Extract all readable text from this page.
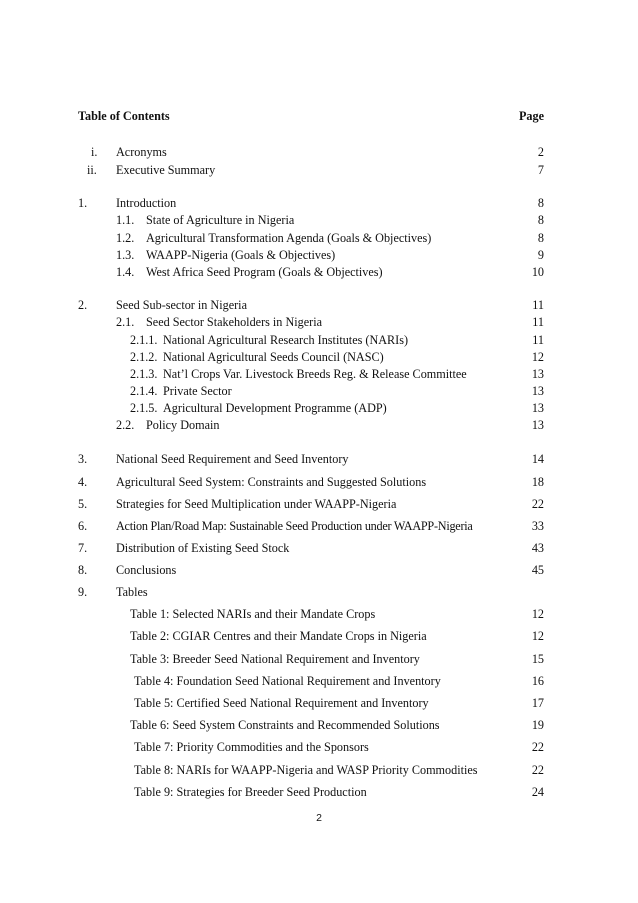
Table of Contents	Page
i. Acronyms	2
ii. Executive Summary	7
1. Introduction	8
1.1. State of Agriculture in Nigeria	8
1.2. Agricultural Transformation Agenda (Goals & Objectives)	8
1.3. WAAPP-Nigeria (Goals & Objectives)	9
1.4. West Africa Seed Program (Goals & Objectives)	10
2. Seed Sub-sector in Nigeria	11
2.1. Seed Sector Stakeholders in Nigeria	11
2.1.1. National Agricultural Research Institutes (NARIs)	11
2.1.2. National Agricultural Seeds Council (NASC)	12
2.1.3. Nat’l Crops Var. Livestock Breeds Reg. & Release Committee	13
2.1.4. Private Sector	13
2.1.5. Agricultural Development Programme (ADP)	13
2.2. Policy Domain	13
3. National Seed Requirement and Seed Inventory	14
4. Agricultural Seed System: Constraints and Suggested Solutions	18
5. Strategies for Seed Multiplication under WAAPP-Nigeria	22
6. Action Plan/Road Map: Sustainable Seed Production under WAAPP-Nigeria	33
7. Distribution of Existing Seed Stock	43
8. Conclusions	45
9. Tables
Table 1: Selected NARIs and their Mandate Crops	12
Table 2: CGIAR Centres and their Mandate Crops in Nigeria	12
Table 3: Breeder Seed National Requirement and Inventory	15
Table 4: Foundation Seed National Requirement and Inventory	16
Table 5: Certified Seed National Requirement and Inventory	17
Table 6: Seed System Constraints and Recommended Solutions	19
Table 7: Priority Commodities and the Sponsors	22
Table 8: NARIs for WAAPP-Nigeria and WASP Priority Commodities	22
Table 9: Strategies for Breeder Seed Production	24
2
